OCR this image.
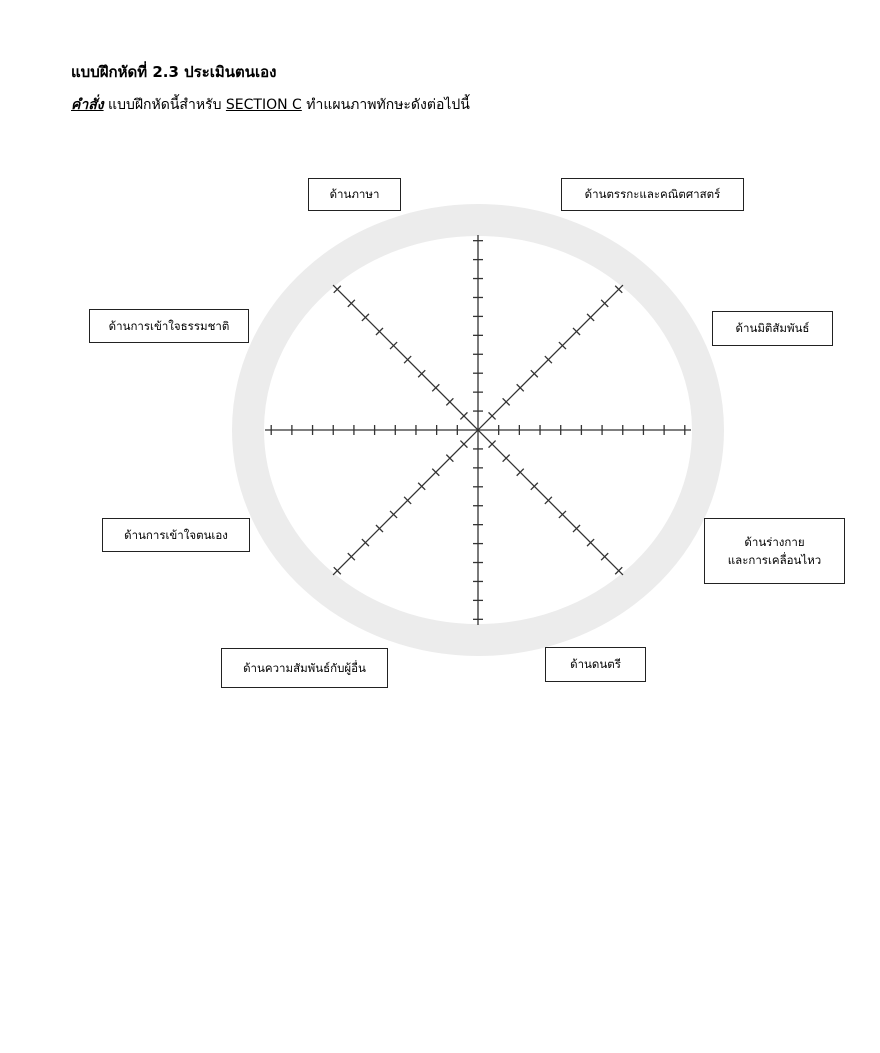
แบบฝึกหัดที่ 2.3 ประเมินตนเอง
คำสั่ง แบบฝึกหัดนี้สำหรับ SECTION C ทำแผนภาพทักษะดังต่อไปนี้
ด้านภาษา	ด้านตรรกะและคณิตศาสตร์
ด้านมิติสัมพันธ์
ด้านการเข้าใจธรรมชาติ
ด้านการเข้าใจตนเอง	ด้านร่างกาย
และการเคลื่อนไหว
ด้านความสัมพันธ์กับผู้อื่น	ด้านดนตรี
